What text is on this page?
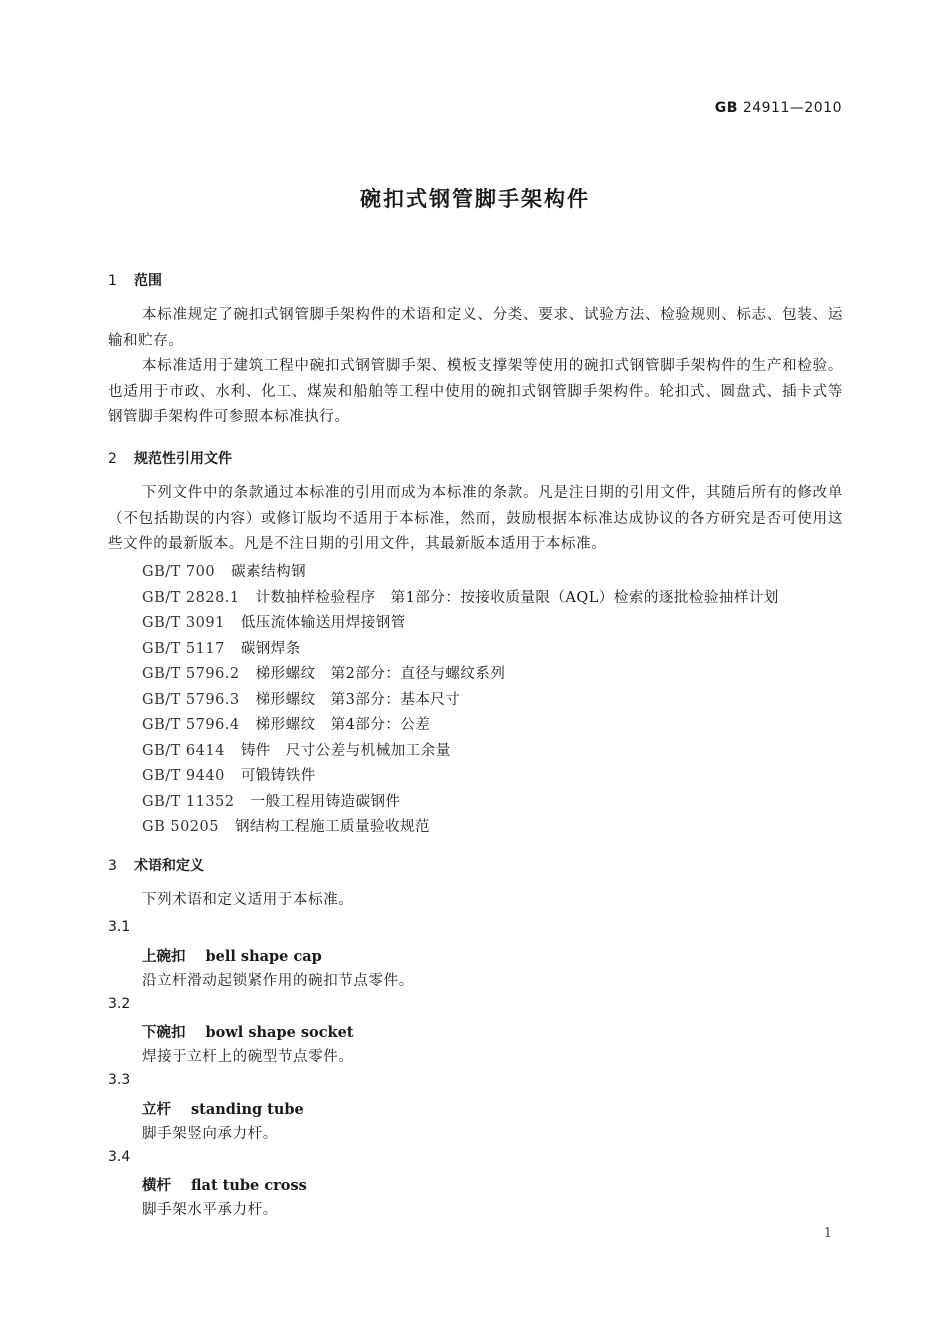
GB 24911—2010
碗扣式钢管脚手架构件
1 范围
本标准规定了碗扣式钢管脚手架构件的术语和定义、分类、要求、试验方法、检验规则、标志、包装、运输和贮存。
本标准适用于建筑工程中碗扣式钢管脚手架、模板支撑架等使用的碗扣式钢管脚手架构件的生产和检验。也适用于市政、水利、化工、煤炭和船舶等工程中使用的碗扣式钢管脚手架构件。轮扣式、圆盘式、插卡式等钢管脚手架构件可参照本标准执行。
2 规范性引用文件
下列文件中的条款通过本标准的引用而成为本标准的条款。凡是注日期的引用文件，其随后所有的修改单（不包括勘误的内容）或修订版均不适用于本标准，然而，鼓励根据本标准达成协议的各方研究是否可使用这些文件的最新版本。凡是不注日期的引用文件，其最新版本适用于本标准。
GB/T 700 碳素结构钢
GB/T 2828.1 计数抽样检验程序　第1部分：按接收质量限（AQL）检索的逐批检验抽样计划
GB/T 3091 低压流体输送用焊接钢管
GB/T 5117 碳钢焊条
GB/T 5796.2 梯形螺纹　第2部分：直径与螺纹系列
GB/T 5796.3 梯形螺纹　第3部分：基本尺寸
GB/T 5796.4 梯形螺纹　第4部分：公差
GB/T 6414 铸件　尺寸公差与机械加工余量
GB/T 9440 可锻铸铁件
GB/T 11352 一般工程用铸造碳钢件
GB 50205 钢结构工程施工质量验收规范
3 术语和定义
下列术语和定义适用于本标准。
3.1
上碗扣 bell shape cap
沿立杆滑动起锁紧作用的碗扣节点零件。
3.2
下碗扣 bowl shape socket
焊接于立杆上的碗型节点零件。
3.3
立杆 standing tube
脚手架竖向承力杆。
3.4
横杆 flat tube cross
脚手架水平承力杆。
1
